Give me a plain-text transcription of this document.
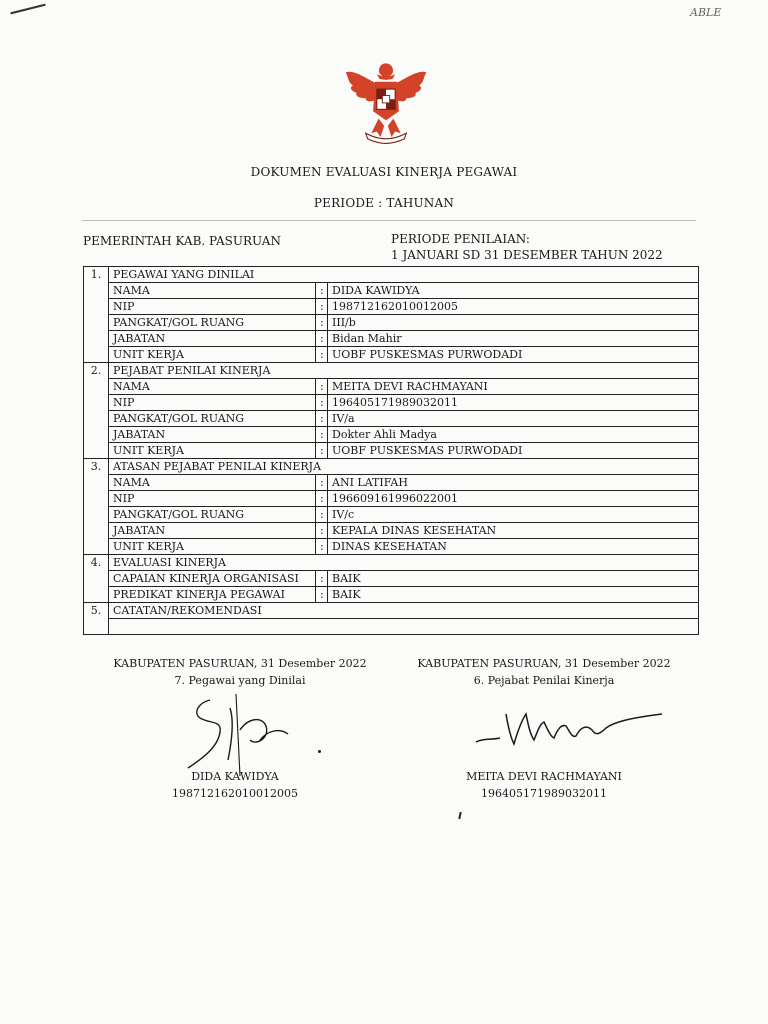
ABLE
DOKUMEN EVALUASI KINERJA PEGAWAI
PERIODE : TAHUNAN
PEMERINTAH KAB. PASURUAN	PERIODE PENILAIAN:
1 JANUARI SD 31 DESEMBER TAHUN 2022
1.	PEGAWAI YANG DINILAI		
	NAMA	:	DIDA KAWIDYA
	NIP	:	198712162010012005
	PANGKAT/GOL RUANG	:	III/b
	JABATAN	:	Bidan Mahir
	UNIT KERJA	:	UOBF PUSKESMAS PURWODADI
2.	PEJABAT PENILAI KINERJA		
	NAMA	:	MEITA DEVI RACHMAYANI
	NIP	:	196405171989032011
	PANGKAT/GOL RUANG	:	IV/a
	JABATAN	:	Dokter Ahli Madya
	UNIT KERJA	:	UOBF PUSKESMAS PURWODADI
3.	ATASAN PEJABAT PENILAI KINERJA		
	NAMA	:	ANI LATIFAH
	NIP	:	196609161996022001
	PANGKAT/GOL RUANG	:	IV/c
	JABATAN	:	KEPALA DINAS KESEHATAN
	UNIT KERJA	:	DINAS KESEHATAN
4.	EVALUASI KINERJA		
	CAPAIAN KINERJA ORGANISASI	:	BAIK
	PREDIKAT KINERJA PEGAWAI	:	BAIK
5.	CATATAN/REKOMENDASI		

KABUPATEN PASURUAN, 31 Desember 2022
7. Pegawai yang Dinilai
DIDA KAWIDYA
198712162010012005
KABUPATEN PASURUAN, 31 Desember 2022
6. Pejabat Penilai Kinerja
MEITA DEVI RACHMAYANI
196405171989032011
